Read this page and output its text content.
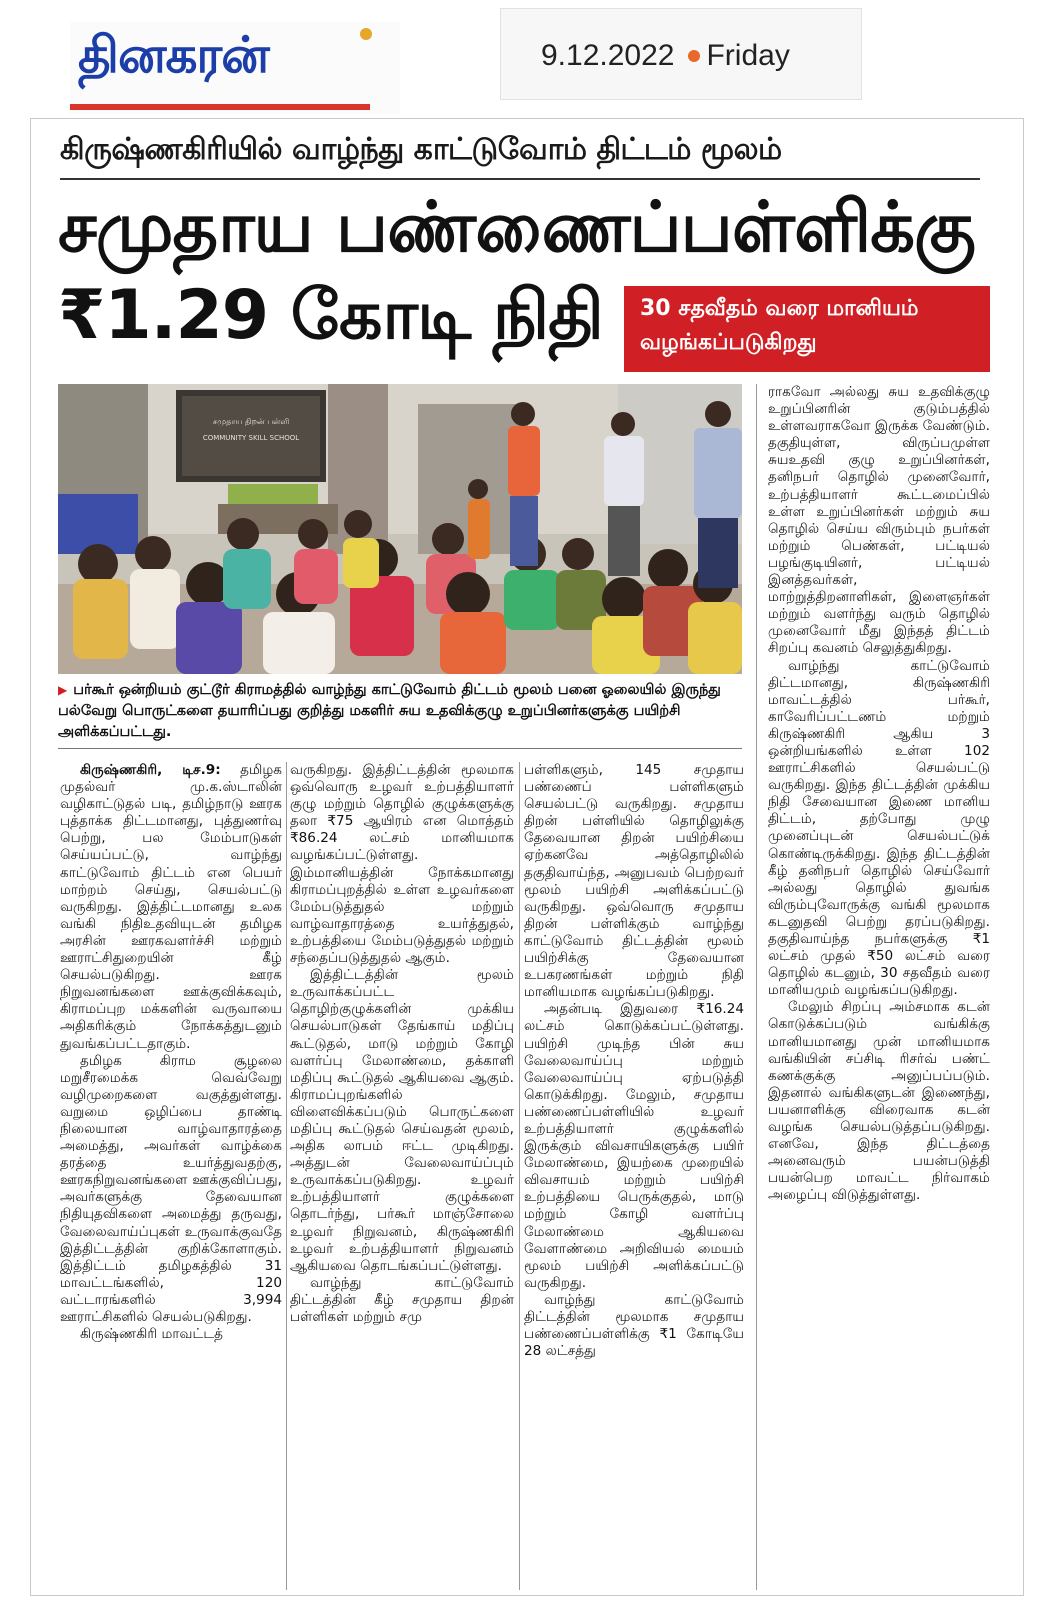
தினகரன்	9.12.2022 Friday
கிருஷ்ணகிரியில் வாழ்ந்து காட்டுவோம் திட்டம் மூலம்
சமுதாய பண்ணைப்பள்ளிக்கு
₹1.29 கோடி நிதி 30 சதவீதம் வரை மானியம்
வழங்கப்படுகிறது
சமுதாய திறன் பள்ளி
COMMUNITY SKILL SCHOOL
▶ பர்கூர் ஒன்றியம் குட்டூர் கிராமத்தில் வாழ்ந்து காட்டுவோம் திட்டம் மூலம் பனை ஓலையில் இருந்து பல்வேறு பொருட்களை தயாரிப்பது குறித்து மகளிர் சுய உதவிக்குழு உறுப்பினர்களுக்கு பயிற்சி அளிக்கப்பட்டது.

கிருஷ்ணகிரி, டிச.9: தமிழக முதல்வர் மு.க.ஸ்டாலின் வழிகாட்டுதல் படி, தமிழ்நாடு ஊரக புத்தாக்க திட்டமானது, புத்துணர்வு பெற்று, பல மேம்பாடுகள் செய்யப்பட்டு, வாழ்ந்து காட்டுவோம் திட்டம் என பெயர் மாற்றம் செய்து, செயல்பட்டு வருகிறது. இத்திட்டமானது உலக வங்கி நிதிஉதவியுடன் தமிழக அரசின் ஊரகவளர்ச்சி மற்றும் ஊராட்சிதுறையின் கீழ் செயல்படுகிறது. ஊரக நிறுவனங்களை ஊக்குவிக்கவும், கிராமப்புற மக்களின் வருவாயை அதிகரிக்கும் நோக்கத்துடனும் துவங்கப்பட்டதாகும்.

தமிழக கிராம சூழலை மறுசீரமைக்க வெவ்வேறு வழிமுறைகளை வகுத்துள்ளது. வறுமை ஒழிப்பை தாண்டி நிலையான வாழ்வாதாரத்தை அமைத்து, அவர்கள் வாழ்க்கை தரத்தை உயர்த்துவதற்கு, ஊரகநிறுவனங்களை ஊக்குவிப்பது, அவர்களுக்கு தேவையான நிதியுதவிகளை அமைத்து தருவது, வேலைவாய்ப்புகள் உருவாக்குவதே இத்திட்டத்தின் குறிக்கோளாகும். இத்திட்டம் தமிழகத்தில் 31 மாவட்டங்களில், 120 வட்டாரங்களில் 3,994 ஊராட்சிகளில் செயல்படுகிறது.

கிருஷ்ணகிரி மாவட்டத்

வருகிறது. இத்திட்டத்தின் மூலமாக ஒவ்வொரு உழவர் உற்பத்தியாளர் குழு மற்றும் தொழில் குழுக்களுக்கு தலா ₹75 ஆயிரம் என மொத்தம் ₹86.24 லட்சம் மானியமாக வழங்கப்பட்டுள்ளது. இம்மானியத்தின் நோக்கமானது கிராமப்புறத்தில் உள்ள உழவர்களை மேம்படுத்துதல் மற்றும் வாழ்வாதாரத்தை உயர்த்துதல், உற்பத்தியை மேம்படுத்துதல் மற்றும் சந்தைப்படுத்துதல் ஆகும்.

இத்திட்டத்தின் மூலம் உருவாக்கப்பட்ட தொழிற்குழுக்களின் முக்கிய செயல்பாடுகள் தேங்காய் மதிப்பு கூட்டுதல், மாடு மற்றும் கோழி வளர்ப்பு மேலாண்மை, தக்காளி மதிப்பு கூட்டுதல் ஆகியவை ஆகும். கிராமப்புறங்களில் விளைவிக்கப்படும் பொருட்களை மதிப்பு கூட்டுதல் செய்வதன் மூலம், அதிக லாபம் ஈட்ட முடிகிறது. அத்துடன் வேலைவாய்ப்பும் உருவாக்கப்படுகிறது. உழவர் உற்பத்தியாளர் குழுக்களை தொடர்ந்து, பர்கூர் மாஞ்சோலை உழவர் நிறுவனம், கிருஷ்ணகிரி உழவர் உற்பத்தியாளர் நிறுவனம் ஆகியவை தொடங்கப்பட்டுள்ளது.

வாழ்ந்து காட்டுவோம் திட்டத்தின் கீழ் சமுதாய திறன் பள்ளிகள் மற்றும் சமு

பள்ளிகளும், 145 சமுதாய பண்ணைப் பள்ளிகளும் செயல்பட்டு வருகிறது. சமுதாய திறன் பள்ளியில் தொழிலுக்கு தேவையான திறன் பயிற்சியை ஏற்கனவே அத்தொழிலில் தகுதிவாய்ந்த, அனுபவம் பெற்றவர் மூலம் பயிற்சி அளிக்கப்பட்டு வருகிறது. ஒவ்வொரு சமுதாய திறன் பள்ளிக்கும் வாழ்ந்து காட்டுவோம் திட்டத்தின் மூலம் பயிற்சிக்கு தேவையான உபகரணங்கள் மற்றும் நிதி மானியமாக வழங்கப்படுகிறது.

அதன்படி இதுவரை ₹16.24 லட்சம் கொடுக்கப்பட்டுள்ளது. பயிற்சி முடிந்த பின் சுய வேலைவாய்ப்பு மற்றும் வேலைவாய்ப்பு ஏற்படுத்தி கொடுக்கிறது. மேலும், சமுதாய பண்ணைப்பள்ளியில் உழவர் உற்பத்தியாளர் குழுக்களில் இருக்கும் விவசாயிகளுக்கு பயிர் மேலாண்மை, இயற்கை முறையில் விவசாயம் மற்றும் பயிற்சி உற்பத்தியை பெருக்குதல், மாடு மற்றும் கோழி வளர்ப்பு மேலாண்மை ஆகியவை வேளாண்மை அறிவியல் மையம் மூலம் பயிற்சி அளிக்கப்பட்டு வருகிறது.

வாழ்ந்து காட்டுவோம் திட்டத்தின் மூலமாக சமுதாய பண்ணைப்பள்ளிக்கு ₹1 கோடியே 28 லட்சத்து

ராகவோ அல்லது சுய உதவிக்குழு உறுப்பினரின் குடும்பத்தில் உள்ளவராகவோ இருக்க வேண்டும். தகுதியுள்ள, விருப்பமுள்ள சுயஉதவி குழு உறுப்பினர்கள், தனிநபர் தொழில் முனைவோர், உற்பத்தியாளர் கூட்டமைப்பில் உள்ள உறுப்பினர்கள் மற்றும் சுய தொழில் செய்ய விரும்பும் நபர்கள் மற்றும் பெண்கள், பட்டியல் பழங்குடியினர், பட்டியல் இனத்தவர்கள், மாற்றுத்திறனாளிகள், இளைஞர்கள் மற்றும் வளர்ந்து வரும் தொழில் முனைவோர் மீது இந்தத் திட்டம் சிறப்பு கவனம் செலுத்துகிறது.

வாழ்ந்து காட்டுவோம் திட்டமானது, கிருஷ்ணகிரி மாவட்டத்தில் பர்கூர், காவேரிப்பட்டணம் மற்றும் கிருஷ்ணகிரி ஆகிய 3 ஒன்றியங்களில் உள்ள 102 ஊராட்சிகளில் செயல்பட்டு வருகிறது. இந்த திட்டத்தின் முக்கிய நிதி சேவையான இணை மானிய திட்டம், தற்போது முழு முனைப்புடன் செயல்பட்டுக் கொண்டிருக்கிறது. இந்த திட்டத்தின் கீழ் தனிநபர் தொழில் செய்வோர் அல்லது தொழில் துவங்க விரும்புவோருக்கு வங்கி மூலமாக கடனுதவி பெற்று தரப்படுகிறது. தகுதிவாய்ந்த நபர்களுக்கு ₹1 லட்சம் முதல் ₹50 லட்சம் வரை தொழில் கடனும், 30 சதவீதம் வரை மானியமும் வழங்கப்படுகிறது.

மேலும் சிறப்பு அம்சமாக கடன் கொடுக்கப்படும் வங்கிக்கு மானியமானது முன் மானியமாக வங்கியின் சப்சிடி ரிசர்வ் பண்ட் கணக்குக்கு அனுப்பப்படும். இதனால் வங்கிகளுடன் இணைந்து, பயனாளிக்கு விரைவாக கடன் வழங்க செயல்படுத்தப்படுகிறது. எனவே, இந்த திட்டத்தை அனைவரும் பயன்படுத்தி பயன்பெற மாவட்ட நிர்வாகம் அழைப்பு விடுத்துள்ளது.
